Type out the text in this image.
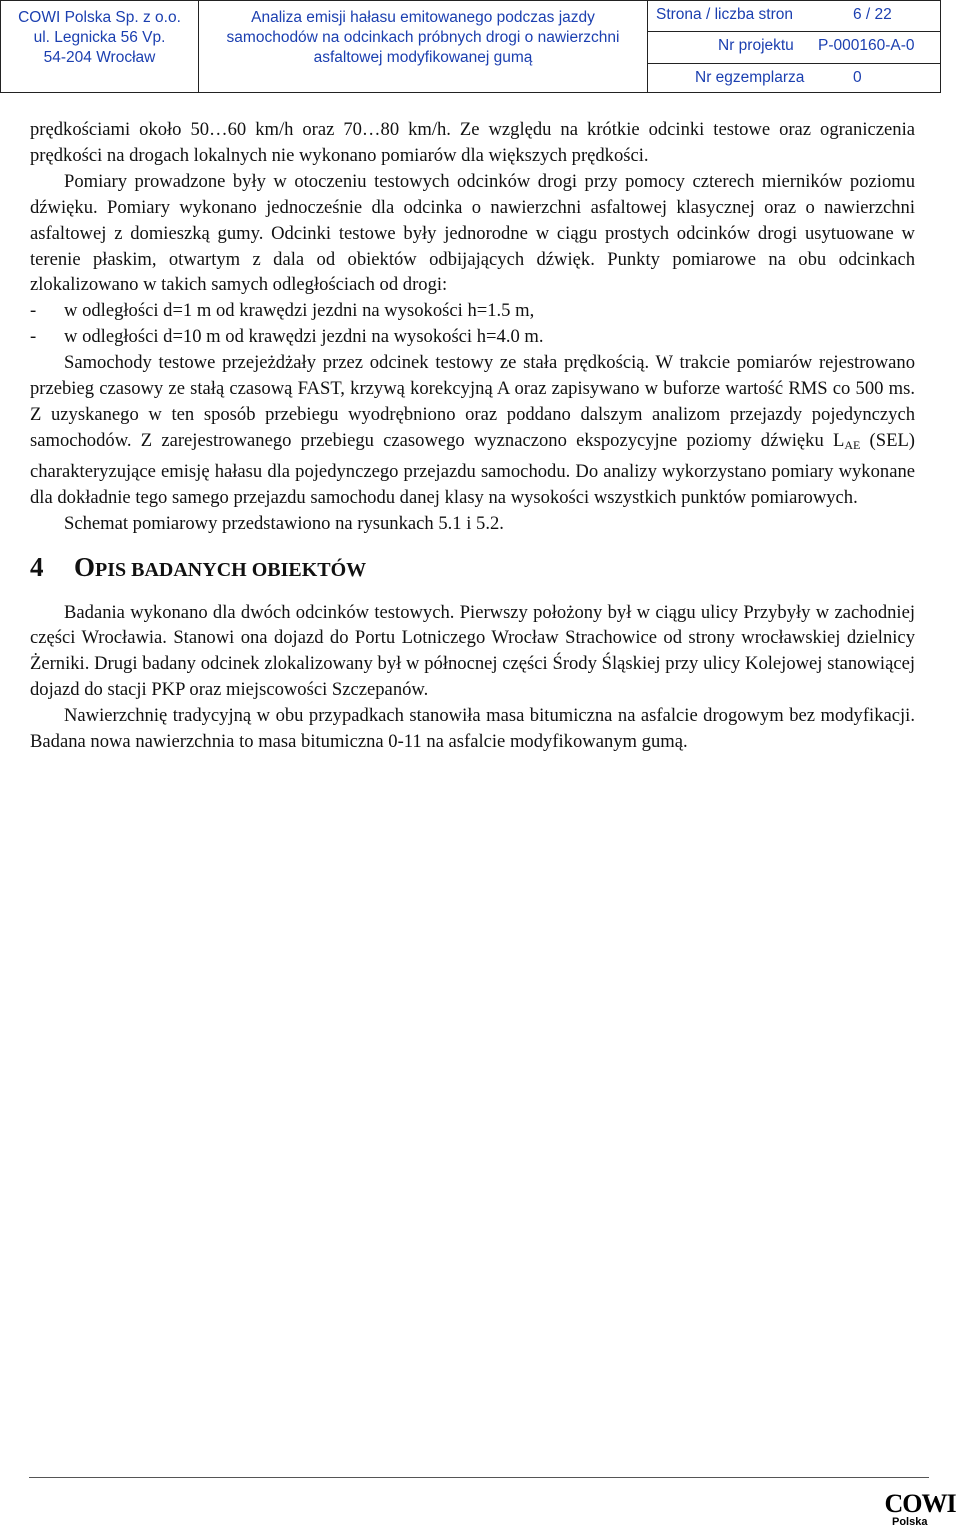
COWI Polska Sp. z o.o.
ul. Legnicka 56 Vp.
54-204 Wrocław
Analiza emisji hałasu emitowanego podczas jazdy
samochodów na odcinkach próbnych drogi o nawierzchni
asfaltowej modyfikowanej gumą
Strona / liczba stron	6 / 22
Nr projektu P-000160-A-0
Nr egzemplarza	0

prędkościami około 50…60 km/h oraz 70…80 km/h. Ze względu na krótkie odcinki testowe oraz ograniczenia prędkości na drogach lokalnych nie wykonano pomiarów dla większych prędkości.

Pomiary prowadzone były w otoczeniu testowych odcinków drogi przy pomocy czterech mierników poziomu dźwięku. Pomiary wykonano jednocześnie dla odcinka o nawierzchni asfaltowej klasycznej oraz o nawierzchni asfaltowej z domieszką gumy. Odcinki testowe były jednorodne w ciągu prostych odcinków drogi usytuowane w terenie płaskim, otwartym z dala od obiektów odbijających dźwięk. Punkty pomiarowe na obu odcinkach zlokalizowano w takich samych odległościach od drogi:

-	w odległości d=1 m od krawędzi jezdni na wysokości h=1.5 m,
-	w odległości d=10 m od krawędzi jezdni na wysokości h=4.0 m.

Samochody testowe przejeżdżały przez odcinek testowy ze stała prędkością. W trakcie pomiarów rejestrowano przebieg czasowy ze stałą czasową FAST, krzywą korekcyjną A oraz zapisywano w buforze wartość RMS co 500 ms. Z uzyskanego w ten sposób przebiegu wyodrębniono oraz poddano dalszym analizom przejazdy pojedynczych samochodów. Z zarejestrowanego przebiegu czasowego wyznaczono ekspozycyjne poziomy dźwięku $L_{AE}$ (SEL) charakteryzujące emisję hałasu dla pojedynczego przejazdu samochodu. Do analizy wykorzystano pomiary wykonane dla dokładnie tego samego przejazdu samochodu danej klasy na wysokości wszystkich punktów pomiarowych.

Schemat pomiarowy przedstawiono na rysunkach 5.1 i 5.2.

4 OPIS BADANYCH OBIEKTÓW

Badania wykonano dla dwóch odcinków testowych. Pierwszy położony był w ciągu ulicy Przybyły w zachodniej części Wrocławia. Stanowi ona dojazd do Portu Lotniczego Wrocław Strachowice od strony wrocławskiej dzielnicy Żerniki. Drugi badany odcinek zlokalizowany był w północnej części Środy Śląskiej przy ulicy Kolejowej stanowiącej dojazd do stacji PKP oraz miejscowości Szczepanów.

Nawierzchnię tradycyjną w obu przypadkach stanowiła masa bitumiczna na asfalcie drogowym bez modyfikacji. Badana nowa nawierzchnia to masa bitumiczna 0-11 na asfalcie modyfikowanym gumą.

COWI
Polska
